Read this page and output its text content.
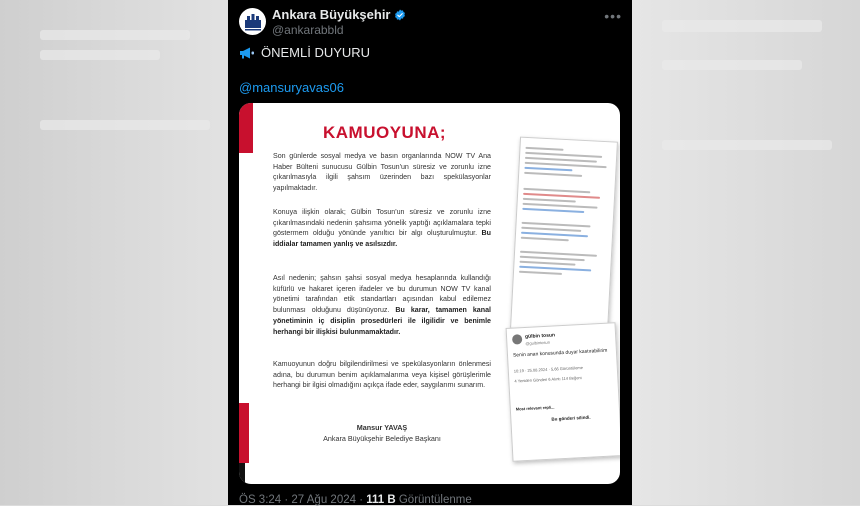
Ankara Büyükşehir
@ankarabbld
•••
ÖNEMLİ DUYURU
@mansuryavas06
KAMUOYUNA;
Son günlerde sosyal medya ve basın organlarında NOW TV Ana Haber Bülteni sunucusu Gülbin Tosun'un süresiz ve zorunlu izne çıkarılmasıyla ilgili şahsım üzerinden bazı spekülasyonlar yapılmaktadır.
Konuya ilişkin olarak; Gülbin Tosun'un süresiz ve zorunlu izne çıkarılmasındaki nedenin şahsıma yönelik yaptığı açıklamalara tepki göstermem olduğu yönünde yanıltıcı bir algı oluşturulmuştur. Bu iddialar tamamen yanlış ve asılsızdır.
Asıl nedenin; şahsın şahsi sosyal medya hesaplarında kullandığı küfürlü ve hakaret içeren ifadeler ve bu durumun NOW TV kanal yönetimi tarafından etik standartları açısından kabul edilemez bulunması olduğunu düşünüyoruz. Bu karar, tamamen kanal yönetiminin iç disiplin prosedürleri ile ilgilidir ve benimle herhangi bir ilişkisi bulunmamaktadır.
Kamuoyunun doğru bilgilendirilmesi ve spekülasyonların önlenmesi adına, bu durumun benim açıklamalarıma veya kişisel görüşlerimle herhangi bir ilgisi olmadığını açıkça ifade eder, saygılarımı sunarım.
Mansur YAVAŞ
Ankara Büyükşehir Belediye Başkanı
gülbin tosun
@gulbintosun
Senin anan konusunda duyar kastırabilirim
10:19 · 25.08.2024 · 5,66 Görüntüleme
4 Yeniden Gönderi 6 Alıntı 114 Beğeni
Most relevant repli...
Bu gönderi silindi.
ÖS 3:24 · 27 Ağu 2024 · 111 B Görüntülenme
